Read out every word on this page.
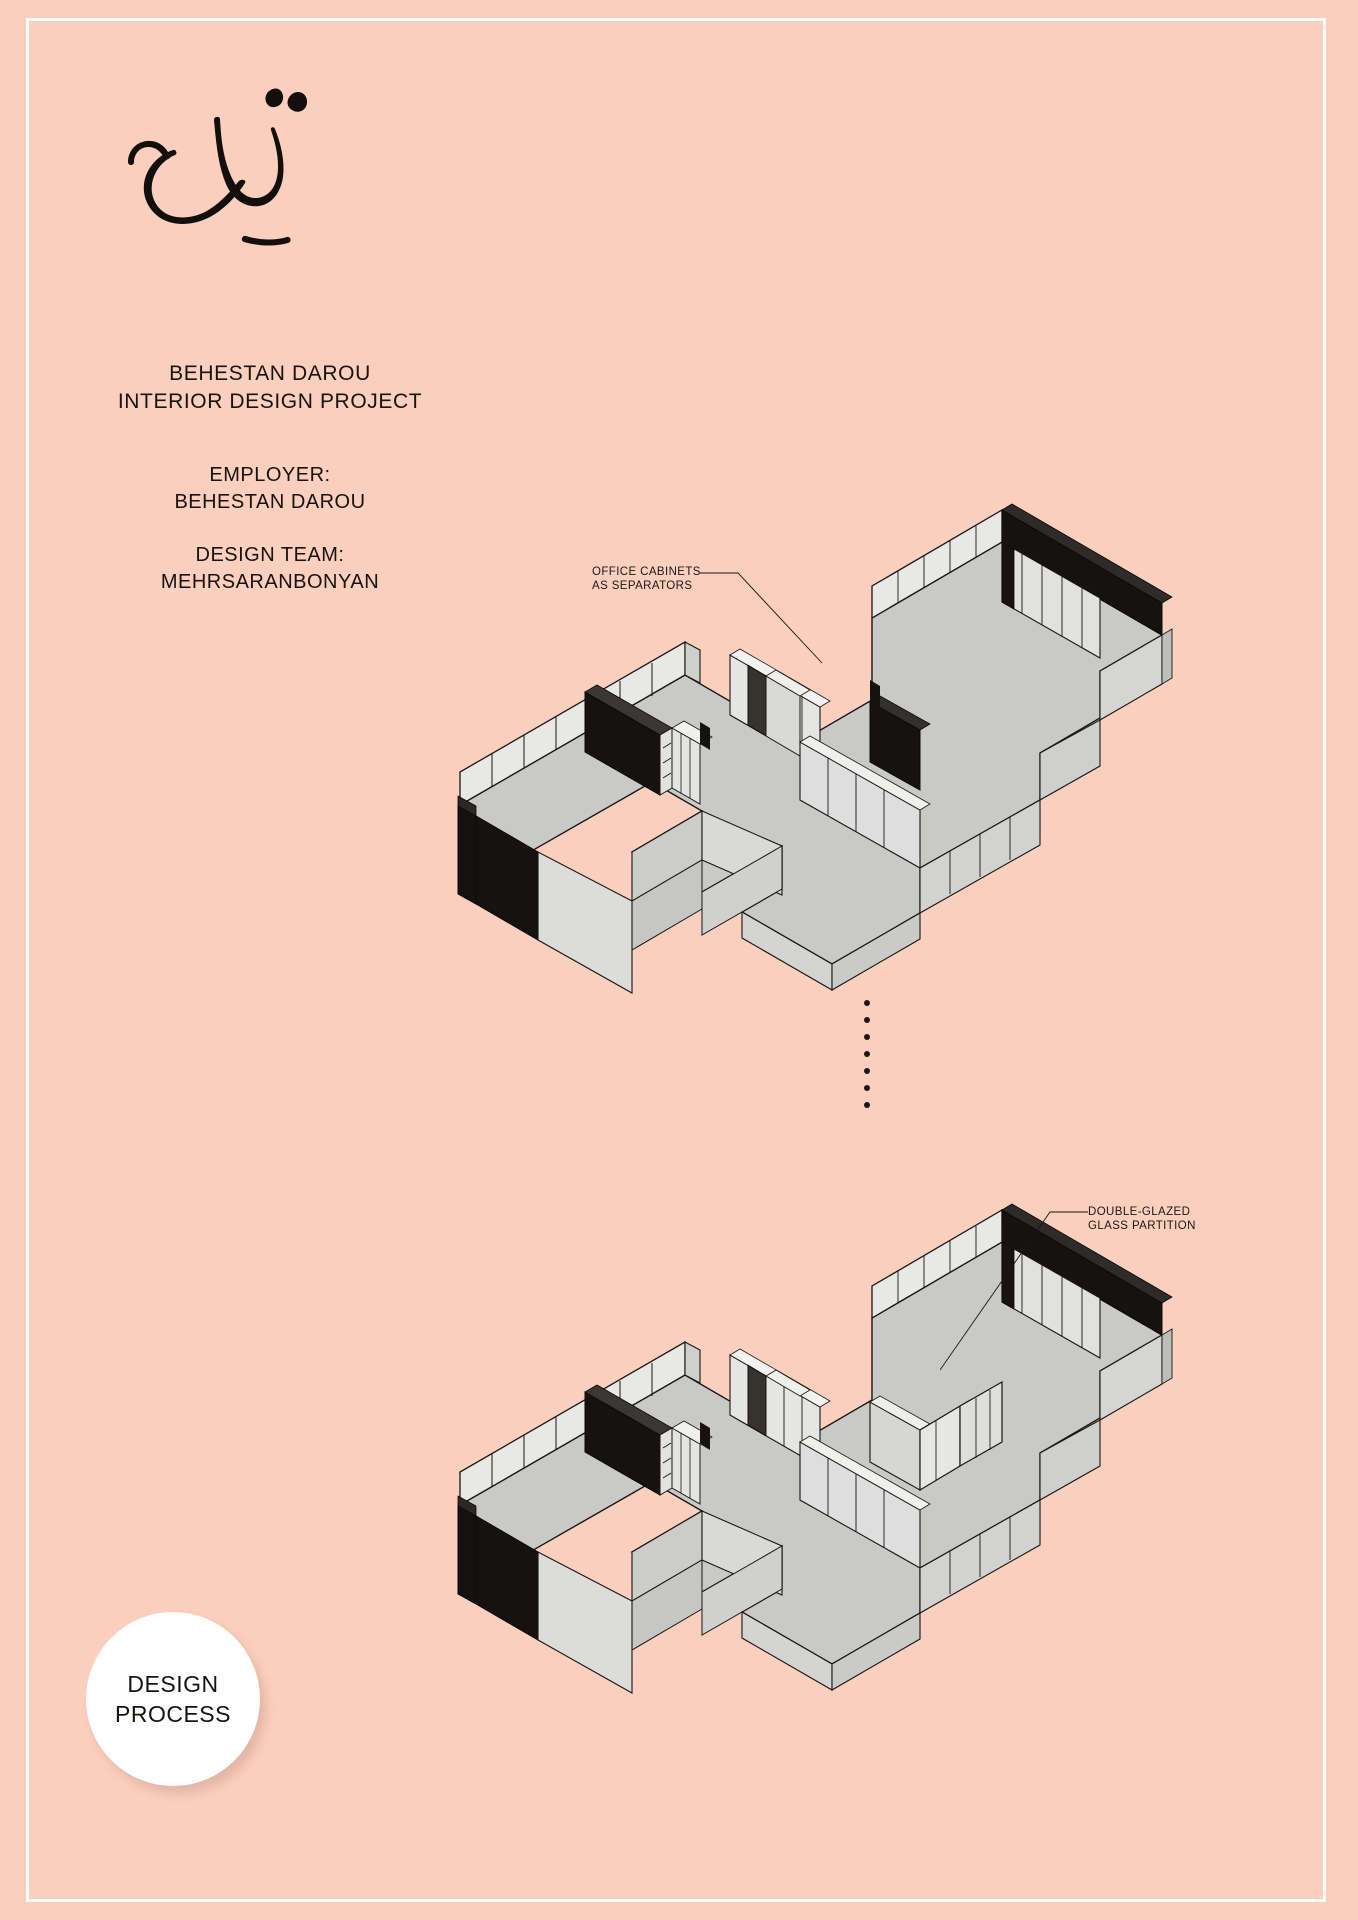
BEHESTAN DAROU
INTERIOR DESIGN PROJECT
EMPLOYER:
BEHESTAN DAROU
DESIGN TEAM:
MEHRSARANBONYAN	OFFICE CABINETS
AS SEPARATORS
DOUBLE-GLAZED
GLASS PARTITION
DESIGN
PROCESS
